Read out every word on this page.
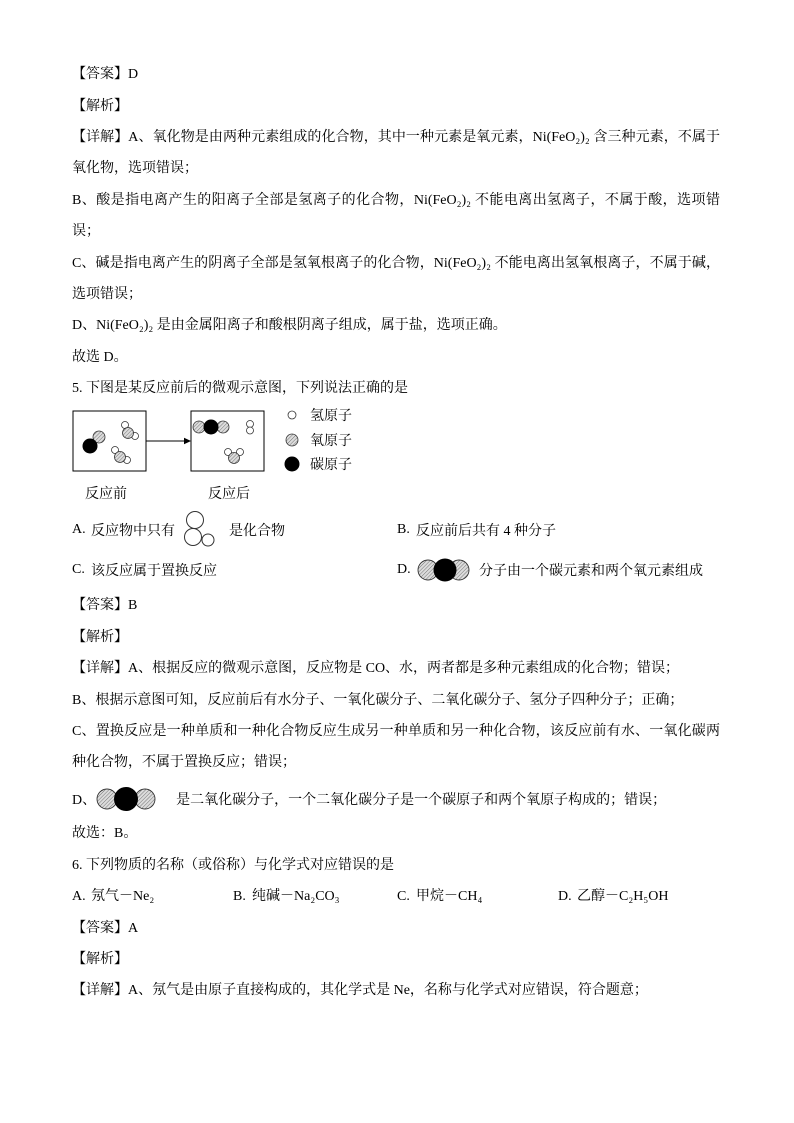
【答案】D
【解析】
【详解】A、氧化物是由两种元素组成的化合物，其中一种元素是氧元素，Ni(FeO₂)₂ 含三种元素，不属于
氧化物，选项错误；
B、酸是指电离产生的阳离子全部是氢离子的化合物，Ni(FeO₂)₂ 不能电离出氢离子，不属于酸，选项错
误；
C、碱是指电离产生的阴离子全部是氢氧根离子的化合物，Ni(FeO₂)₂ 不能电离出氢氧根离子，不属于碱，
选项错误；
D、Ni(FeO₂)₂ 是由金属阳离子和酸根阴离子组成，属于盐，选项正确。
故选 D。
5. 下图是某反应前后的微观示意图，下列说法正确的是
氢原子
氧原子
碳原子
反应前	反应后
A. 反应物中只有	是化合物	B. 反应前后共有 4 种分子
C. 该反应属于置换反应	D.	分子由一个碳元素和两个氧元素组成
【答案】B
【解析】
【详解】A、根据反应的微观示意图，反应物是 CO、水，两者都是多种元素组成的化合物；错误；
B、根据示意图可知，反应前后有水分子、一氧化碳分子、二氧化碳分子、氢分子四种分子；正确；
C、置换反应是一种单质和一种化合物反应生成另一种单质和另一种化合物，该反应前有水、一氧化碳两
种化合物，不属于置换反应；错误；
D、	是二氧化碳分子，一个二氧化碳分子是一个碳原子和两个氧原子构成的；错误；
故选：B。
6. 下列物质的名称（或俗称）与化学式对应错误的是
A. 氖气－Ne₂	B. 纯碱－Na₂CO₃	C. 甲烷－CH₄	D. 乙醇－C₂H₅OH
【答案】A
【解析】
【详解】A、氖气是由原子直接构成的，其化学式是 Ne，名称与化学式对应错误，符合题意；
